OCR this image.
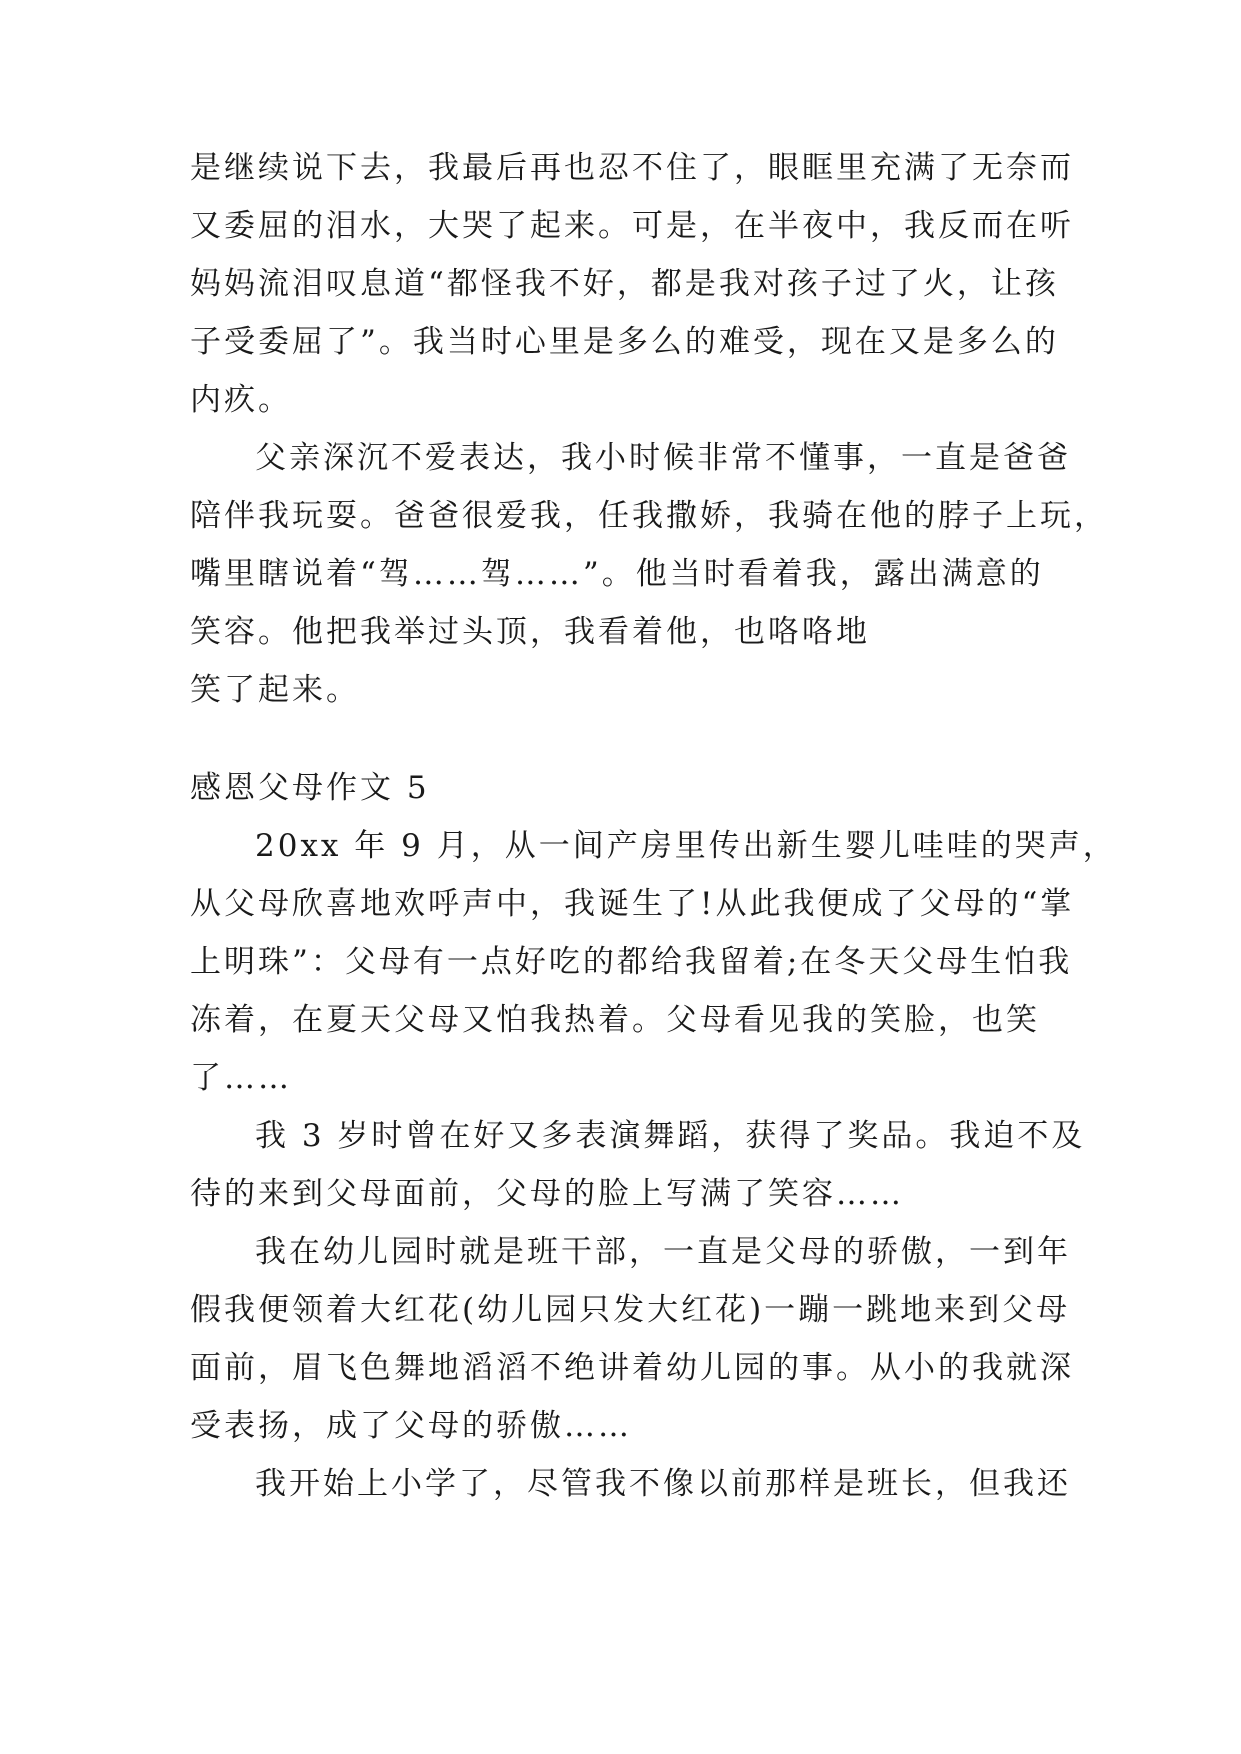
是继续说下去，我最后再也忍不住了，眼眶里充满了无奈而
又委屈的泪水，大哭了起来。可是，在半夜中，我反而在听
妈妈流泪叹息道“都怪我不好，都是我对孩子过了火，让孩
子受委屈了”。我当时心里是多么的难受，现在又是多么的
内疚。
父亲深沉不爱表达，我小时候非常不懂事，一直是爸爸
陪伴我玩耍。爸爸很爱我，任我撒娇，我骑在他的脖子上玩，
嘴里瞎说着“驾……驾……”。他当时看着我，露出满意的
笑容。他把我举过头顶，我看着他，也咯咯地
笑了起来。
感恩父母作文 5
20xx 年 9 月，从一间产房里传出新生婴儿哇哇的哭声，
从父母欣喜地欢呼声中，我诞生了!从此我便成了父母的“掌
上明珠”：父母有一点好吃的都给我留着;在冬天父母生怕我
冻着，在夏天父母又怕我热着。父母看见我的笑脸，也笑
了……
我 3 岁时曾在好又多表演舞蹈，获得了奖品。我迫不及
待的来到父母面前，父母的脸上写满了笑容……
我在幼儿园时就是班干部，一直是父母的骄傲，一到年
假我便领着大红花(幼儿园只发大红花)一蹦一跳地来到父母
面前，眉飞色舞地滔滔不绝讲着幼儿园的事。从小的我就深
受表扬，成了父母的骄傲……
我开始上小学了，尽管我不像以前那样是班长，但我还
